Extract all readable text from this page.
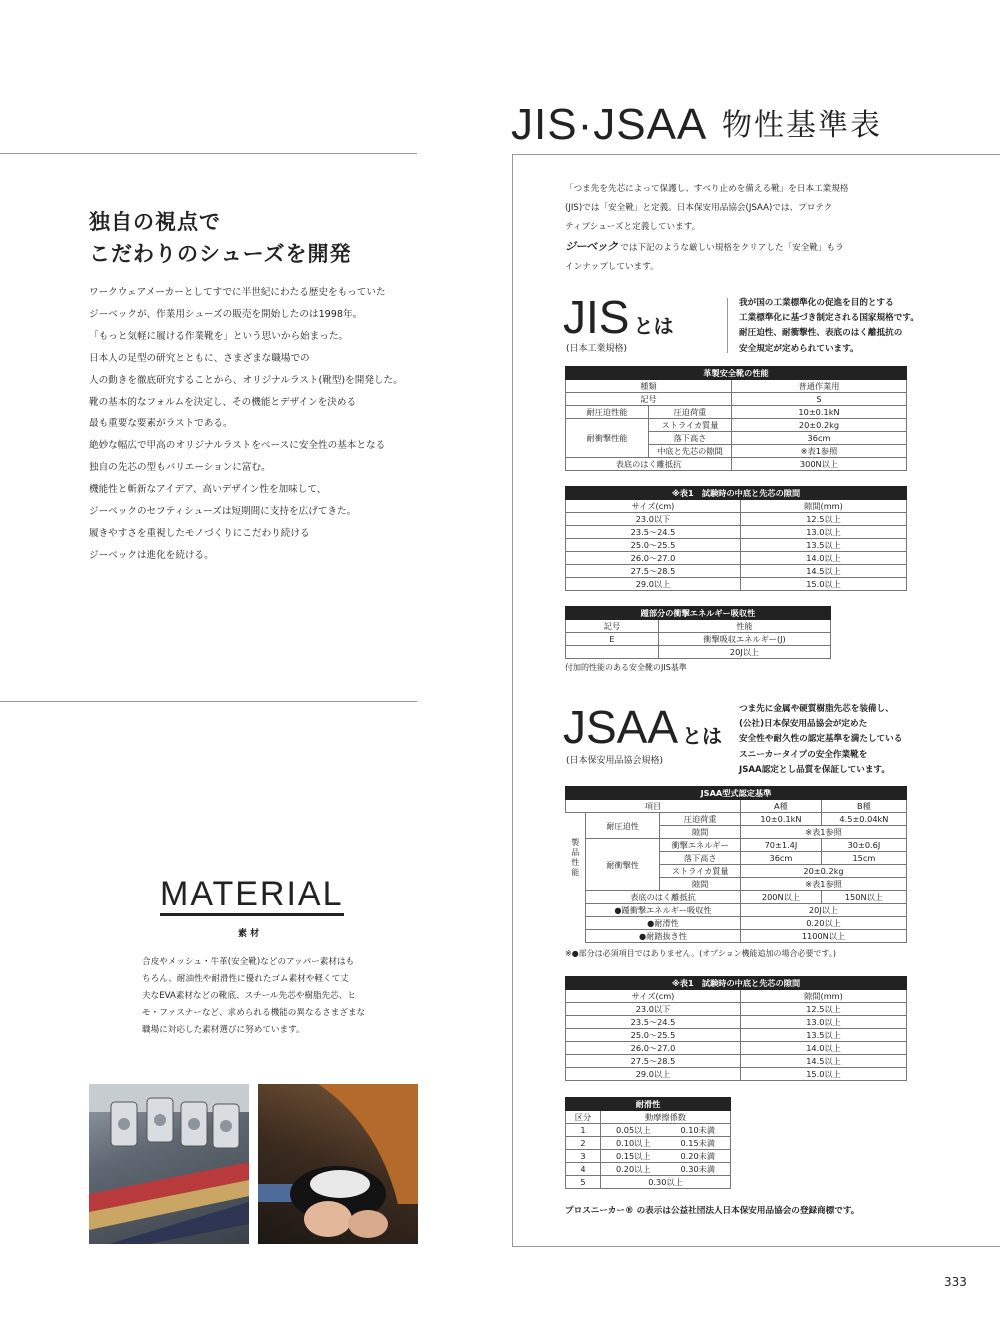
JIS·JSAA 物性基準表
独自の視点で
こだわりのシューズを開発
ワークウェアメーカーとしてすでに半世紀にわたる歴史をもっていた
ジーベックが、作業用シューズの販売を開始したのは1998年。
「もっと気軽に履ける作業靴を」という思いから始まった。
日本人の足型の研究とともに、さまざまな職場での
人の動きを徹底研究することから、オリジナルラスト(靴型)を開発した。
靴の基本的なフォルムを決定し、その機能とデザインを決める
最も重要な要素がラストである。
絶妙な幅広で甲高のオリジナルラストをベースに安全性の基本となる
独自の先芯の型もバリエーションに富む。
機能性と斬新なアイデア、高いデザイン性を加味して、
ジーベックのセフティシューズは短期間に支持を広げてきた。
履きやすさを重視したモノづくりにこだわり続ける
ジーベックは進化を続ける。
MATERIAL
素 材
合皮やメッシュ・牛革(安全靴)などのアッパー素材はも
ちろん、耐油性や耐滑性に優れたゴム素材や軽くて丈
夫なEVA素材などの靴底、スチール先芯や樹脂先芯、ヒ
モ・ファスナーなど、求められる機能の異なるさまざまな
職場に対応した素材選びに努めています。
「つま先を先芯によって保護し、すべり止めを備える靴」を日本工業規格
(JIS)では「安全靴」と定義。日本保安用品協会(JSAA)では、プロテク
ティブシューズと定義しています。
ジーベック では下記のような厳しい規格をクリアした「安全靴」もラ
インナップしています。
JIS とは
(日本工業規格)
我が国の工業標準化の促進を目的とする
工業標準化に基づき制定される国家規格です。
耐圧迫性、耐衝撃性、表底のはく離抵抗の
安全規定が定められています。
革製安全靴の性能		
種類		普通作業用
記号		S
耐圧迫性能	圧迫荷重	10±0.1kN
耐衝撃性能	ストライカ質量	20±0.2kg
	落下高さ	36cm
	中底と先芯の隙間	※表1参照
表底のはく離抵抗		300N以上
※表1　試験時の中底と先芯の隙間	
サイズ(cm)	隙間(mm)
23.0以下	12.5以上
23.5～24.5	13.0以上
25.0～25.5	13.5以上
26.0～27.0	14.0以上
27.5～28.5	14.5以上
29.0以上	15.0以上
踵部分の衝撃エネルギー吸収性	
記号	性能
E	衝撃吸収エネルギー(J)
	20J以上
付加的性能のある安全靴のJIS基準
JSAA とは
(日本保安用品協会規格)
つま先に金属や硬質樹脂先芯を装備し、
(公社)日本保安用品協会が定めた
安全性や耐久性の認定基準を満たしている
スニーカータイプの安全作業靴を
JSAA認定とし品質を保証しています。
JSAA型式認定基準				
項目			A種	B種
製品性能	耐圧迫性	圧迫荷重	10±0.1kN	4.5±0.04kN
		隙間	※表1参照	
	耐衝撃性	衝撃エネルギー	70±1.4J	30±0.6J
		落下高さ	36cm	15cm
		ストライカ質量	20±0.2kg	
		隙間	※表1参照	
	表底のはく離抵抗		200N以上	150N以上
	●踵衝撃エネルギー吸収性		20J以上	
	●耐滑性		0.20以上	
	●耐踏抜き性		1100N以上	
※●部分は必須項目ではありません。(オプション機能追加の場合必要です。)
※表1　試験時の中底と先芯の隙間	
サイズ(cm)	隙間(mm)
23.0以下	12.5以上
23.5～24.5	13.0以上
25.0～25.5	13.5以上
26.0～27.0	14.0以上
27.5～28.5	14.5以上
29.0以上	15.0以上
耐滑性		
区分	動摩擦係数	
1	0.05以上	0.10未満
2	0.10以上	0.15未満
3	0.15以上	0.20未満
4	0.20以上	0.30未満
5	0.30以上	
プロスニーカー® の表示は公益社団法人日本保安用品協会の登録商標です。
333
